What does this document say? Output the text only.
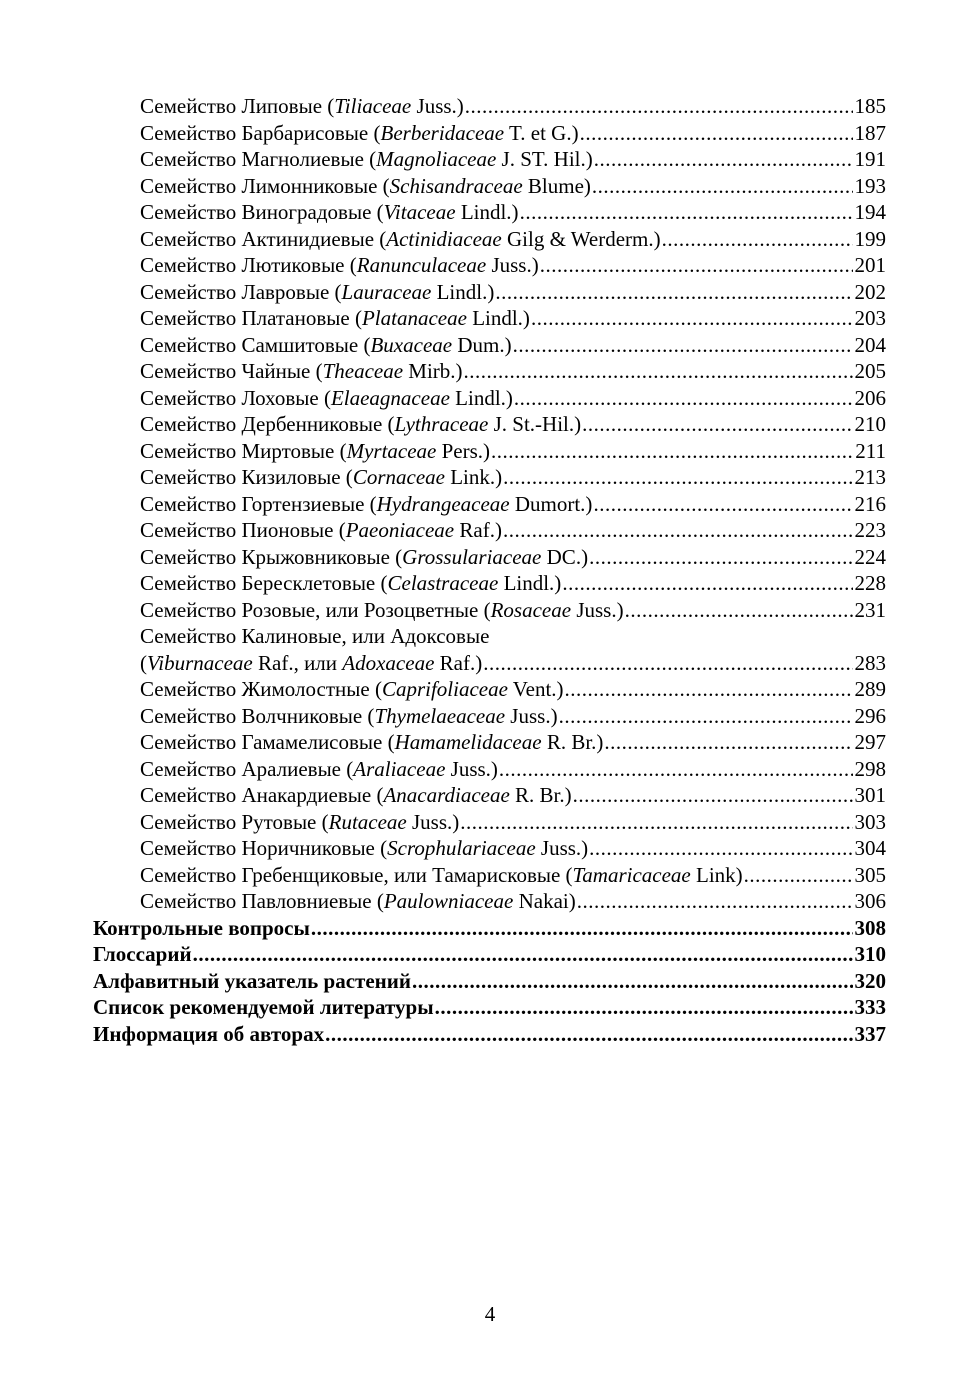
Семейство Липовые (Tiliaceae Juss.) .....	185
Семейство Барбарисовые (Berberidaceae T. et G.) .....	187
Семейство Магнолиевые (Magnoliaceae J. ST. Hil.) .....	191
Семейство Лимонниковые (Schisandraceae Blume) .....	193
Семейство Виноградовые (Vitaceae Lindl.) .....	194
Семейство Актинидиевые (Actinidiaceae Gilg & Werderm.) .....	199
Семейство Лютиковые (Ranunculaceae Juss.) .....	201
Семейство Лавровые (Lauraceae Lindl.) .....	202
Семейство Платановые (Platanaceae Lindl.) .....	203
Семейство Самшитовые (Buxaceae Dum.) .....	204
Семейство Чайные (Theaceae Mirb.) .....	205
Семейство Лоховые (Elaeagnaceae Lindl.) .....	206
Семейство Дербенниковые (Lythraceae J. St.-Hil.) .....	210
Семейство Миртовые (Myrtaceae Pers.) .....	211
Семейство Кизиловые (Cornaceae Link.) .....	213
Семейство Гортензиевые (Hydrangeaceae Dumort.) .....	216
Семейство Пионовые (Paeoniaceae Raf.) .....	223
Семейство Крыжовниковые (Grossulariaceae DC.) .....	224
Семейство Бересклетовые (Celastraceae Lindl.) .....	228
Семейство Розовые, или Розоцветные (Rosaceae Juss.) .....	231
Семейство Калиновые, или Адоксовые
(Viburnaceae Raf., или Adoxaceae Raf.) .....	283
Семейство Жимолостные (Caprifoliaceae Vent.) .....	289
Семейство Волчниковые (Thymelaeaceae Juss.) .....	296
Семейство Гамамелисовые (Hamamelidaceae R. Br.) .....	297
Семейство Аралиевые (Araliaceae Juss.) .....	298
Семейство Анакардиевые (Anacardiaceae R. Br.) .....	301
Семейство Рутовые (Rutaceae Juss.) .....	303
Семейство Норичниковые (Scrophulariaceae Juss.) .....	304
Семейство Гребенщиковые, или Тамарисковые (Tamaricaceae Link) .....	305
Семейство Павловниевые (Paulowniaceae Nakai) .....	306
Контрольные вопросы .....	308
Глоссарий .....	310
Алфавитный указатель растений .....	320
Список рекомендуемой литературы .....	333
Информация об авторах .....	337
4
